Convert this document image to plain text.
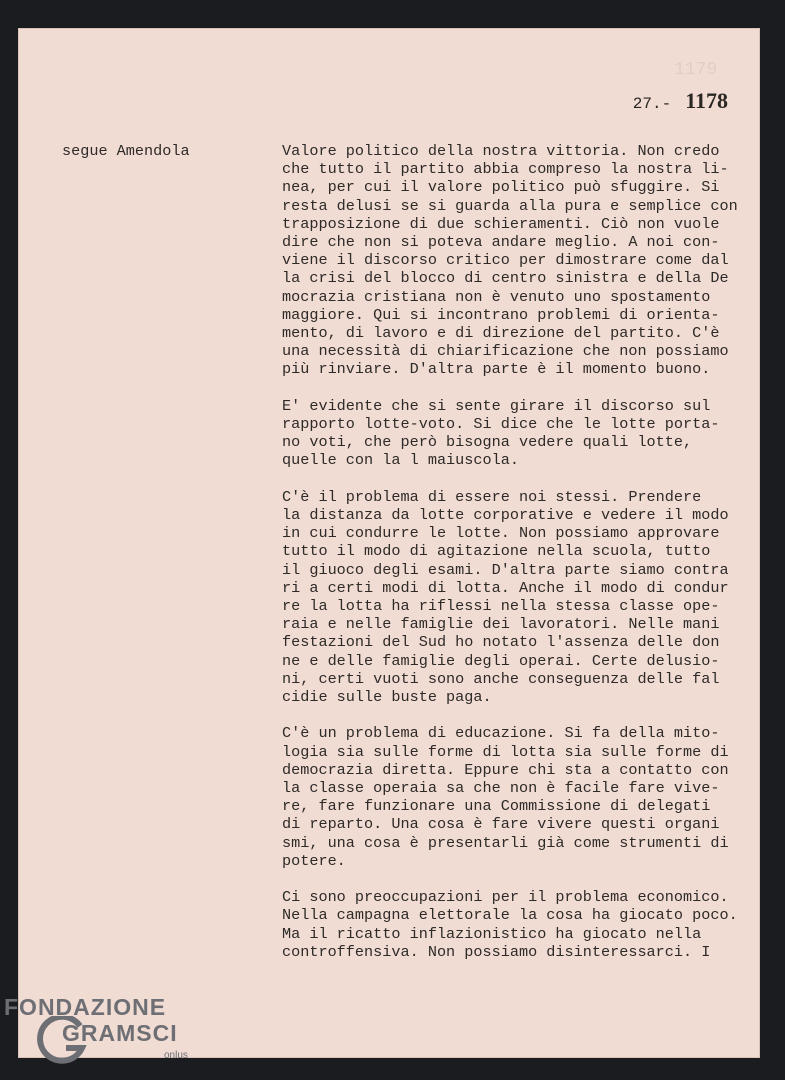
1179
27.- 1178
segue Amendola	Valore politico della nostra vittoria. Non credo
che tutto il partito abbia compreso la nostra li-
nea, per cui il valore politico può sfuggire. Si
resta delusi se si guarda alla pura e semplice con
trapposizione di due schieramenti. Ciò non vuole
dire che non si poteva andare meglio. A noi con-
viene il discorso critico per dimostrare come dal
la crisi del blocco di centro sinistra e della De
mocrazia cristiana non è venuto uno spostamento
maggiore. Qui si incontrano problemi di orienta-
mento, di lavoro e di direzione del partito. C'è
una necessità di chiarificazione che non possiamo
più rinviare. D'altra parte è il momento buono.
E' evidente che si sente girare il discorso sul
rapporto lotte-voto. Si dice che le lotte porta-
no voti, che però bisogna vedere quali lotte,
quelle con la l maiuscola.
C'è il problema di essere noi stessi. Prendere
la distanza da lotte corporative e vedere il modo
in cui condurre le lotte. Non possiamo approvare
tutto il modo di agitazione nella scuola, tutto
il giuoco degli esami. D'altra parte siamo contra
ri a certi modi di lotta. Anche il modo di condur
re la lotta ha riflessi nella stessa classe ope-
raia e nelle famiglie dei lavoratori. Nelle mani
festazioni del Sud ho notato l'assenza delle don
ne e delle famiglie degli operai. Certe delusio-
ni, certi vuoti sono anche conseguenza delle fal
cidie sulle buste paga.
C'è un problema di educazione. Si fa della mito-
logia sia sulle forme di lotta sia sulle forme di
democrazia diretta. Eppure chi sta a contatto con
la classe operaia sa che non è facile fare vive-
re, fare funzionare una Commissione di delegati
di reparto. Una cosa è fare vivere questi organi
smi, una cosa è presentarli già come strumenti di
potere.
Ci sono preoccupazioni per il problema economico.
Nella campagna elettorale la cosa ha giocato poco.
Ma il ricatto inflazionistico ha giocato nella
controffensiva. Non possiamo disinteressarci. I
FONDAZIONE
GRAMSCI
onlus
